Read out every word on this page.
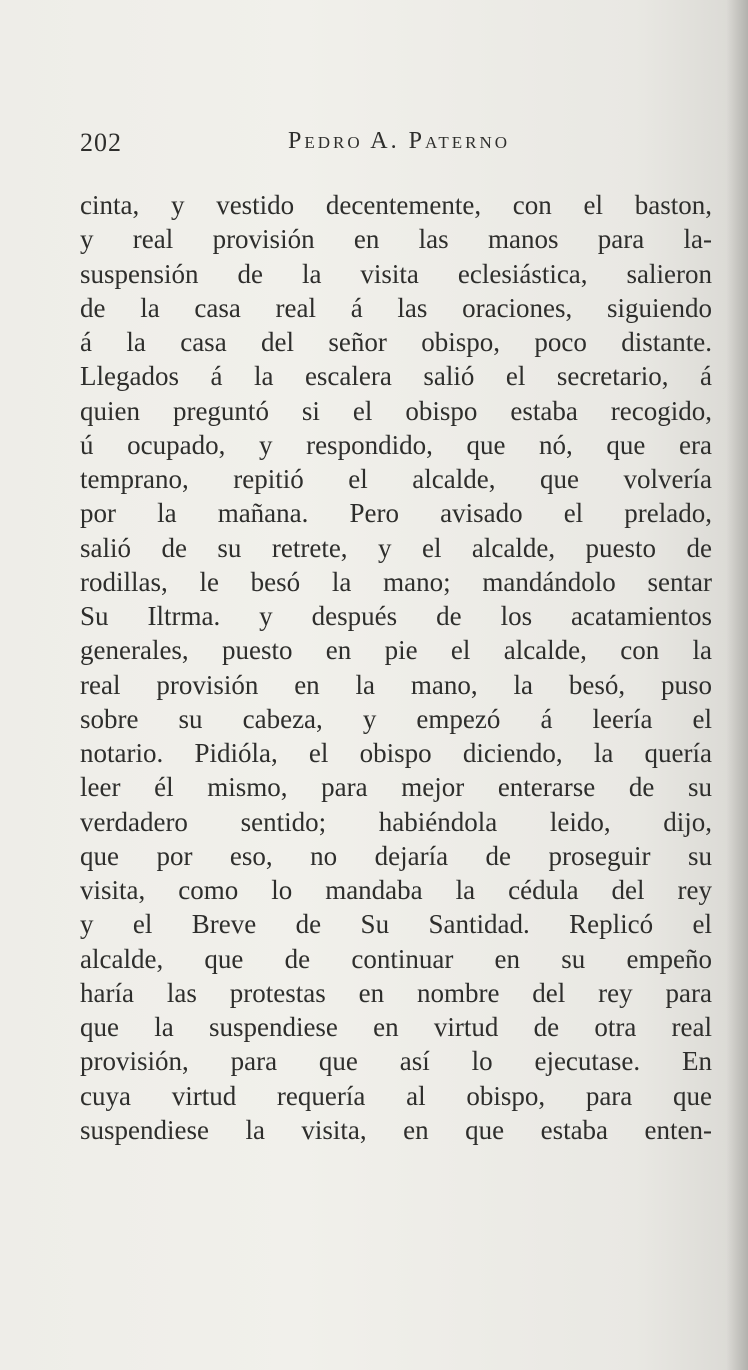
202	Pedro A. Paterno
cinta, y vestido decentemente, con el baston,
y real provisión en las manos para la-
suspensión de la visita eclesiástica, salieron
de la casa real á las oraciones, siguiendo
á la casa del señor obispo, poco distante.
Llegados á la escalera salió el secretario, á
quien preguntó si el obispo estaba recogido,
ú ocupado, y respondido, que nó, que era
temprano, repitió el alcalde, que volvería
por la mañana. Pero avisado el prelado,
salió de su retrete, y el alcalde, puesto de
rodillas, le besó la mano; mandándolo sentar
Su Iltrma. y después de los acatamientos
generales, puesto en pie el alcalde, con la
real provisión en la mano, la besó, puso
sobre su cabeza, y empezó á leería el
notario. Pidióla, el obispo diciendo, la quería
leer él mismo, para mejor enterarse de su
verdadero sentido; habiéndola leido, dijo,
que por eso, no dejaría de proseguir su
visita, como lo mandaba la cédula del rey
y el Breve de Su Santidad. Replicó el
alcalde, que de continuar en su empeño
haría las protestas en nombre del rey para
que la suspendiese en virtud de otra real
provisión, para que así lo ejecutase. En
cuya virtud requería al obispo, para que
suspendiese la visita, en que estaba enten-
